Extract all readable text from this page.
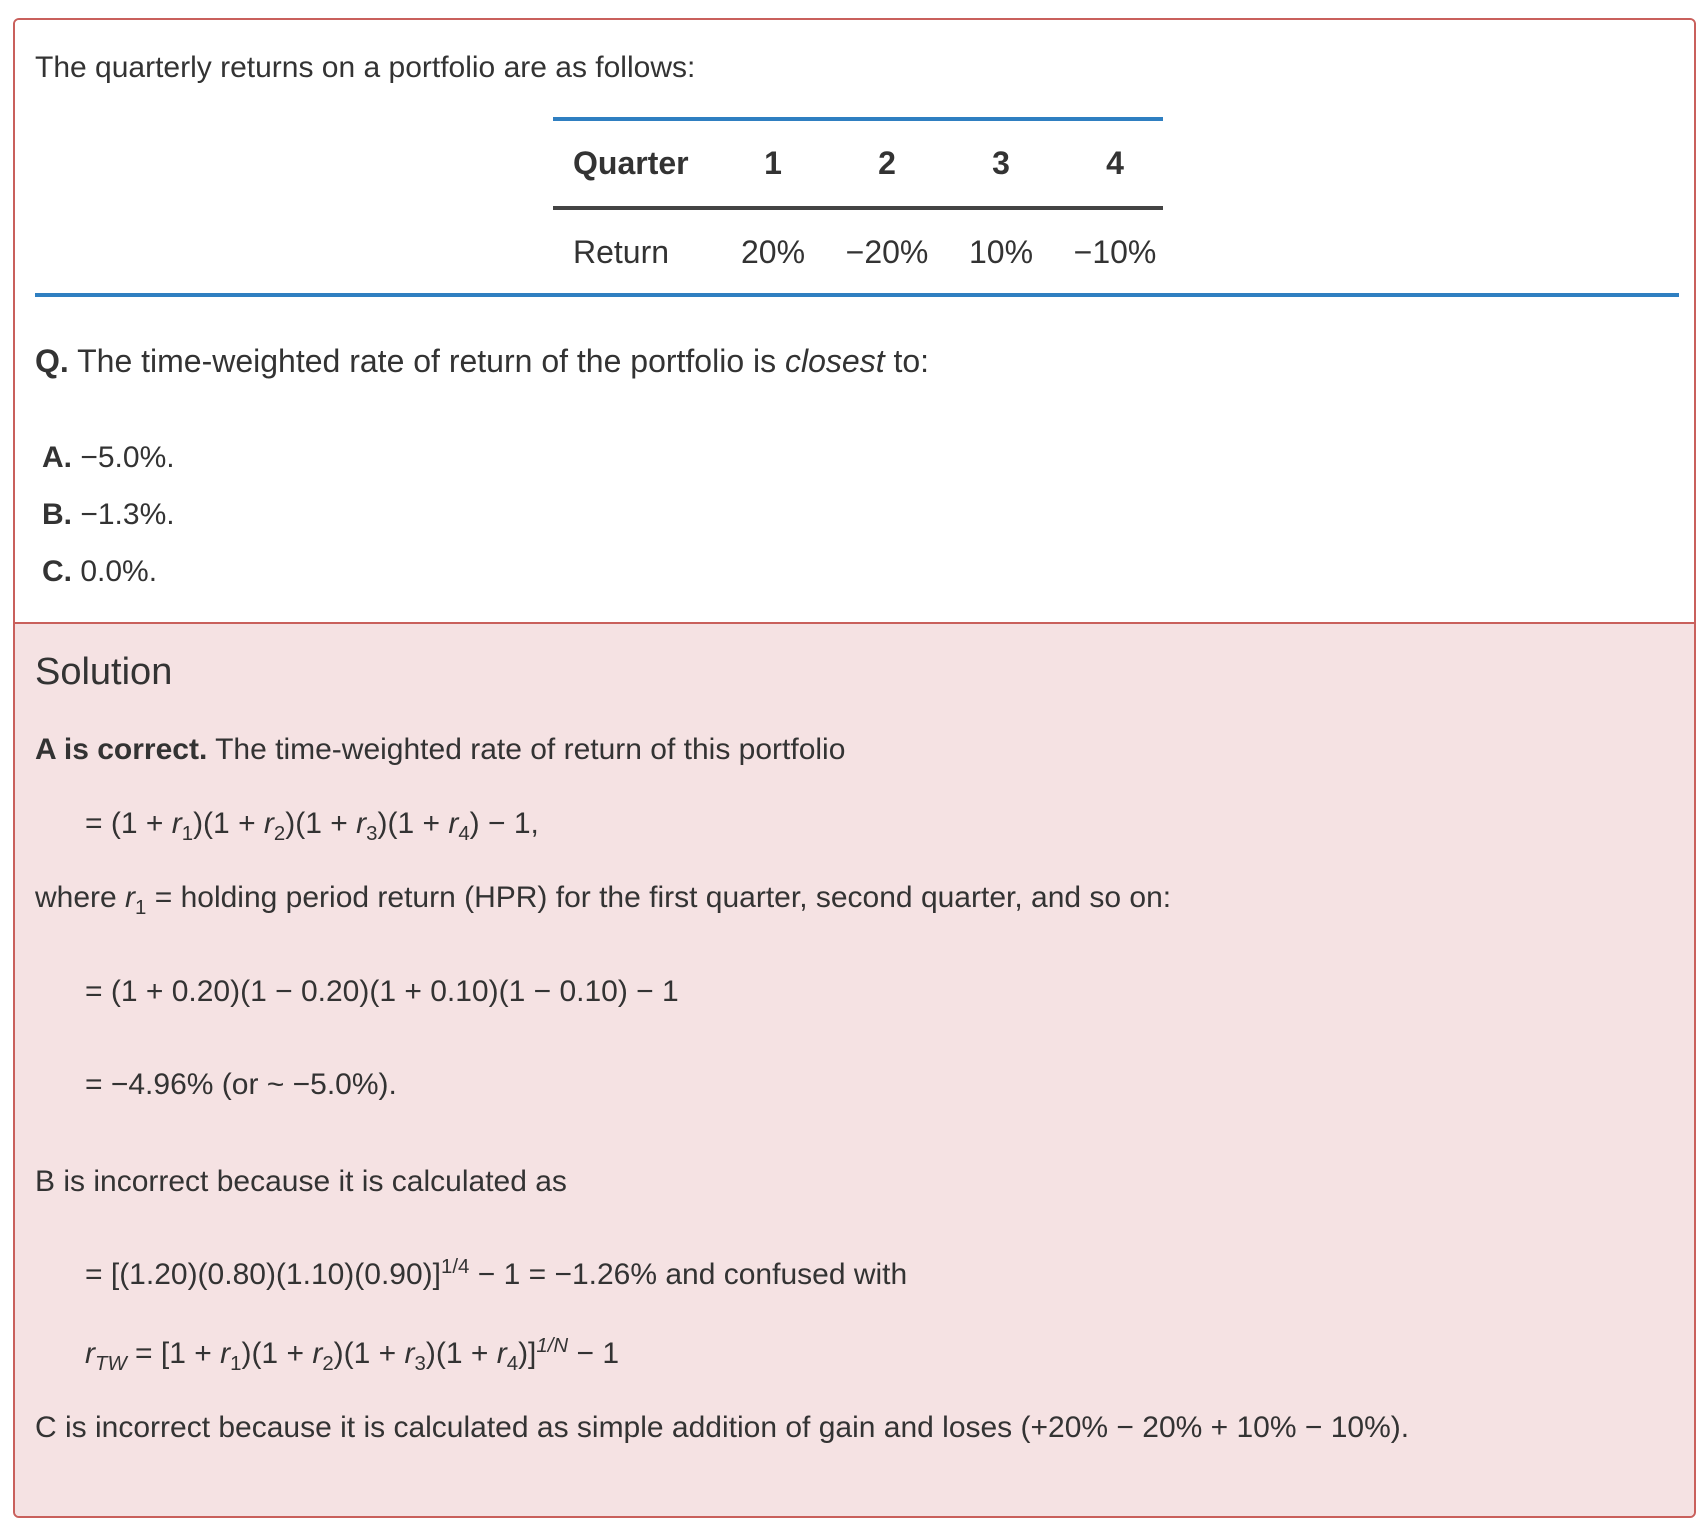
The quarterly returns on a portfolio are as follows:
Quarter	1	2	3	4
Return	20%	−20%	10%	−10%
Q. The time-weighted rate of return of the portfolio is closest to:
A. −5.0%.
B. −1.3%.
C. 0.0%.
Solution
A is correct. The time-weighted rate of return of this portfolio
= $(1 + r_1)(1 + r_2)(1 + r_3)(1 + r_4) - 1$,
where $r_1$ = holding period return (HPR) for the first quarter, second quarter, and so on:
= (1 + 0.20)(1 − 0.20)(1 + 0.10)(1 − 0.10) − 1
= −4.96% (or ~ −5.0%).
B is incorrect because it is calculated as
= $[(1.20)(0.80)(1.10)(0.90)]^{1/4} - 1 = -1.26\%$ and confused with
$r_{TW} = [1 + r_1)(1 + r_2)(1 + r_3)(1 + r_4)]^{1/N} - 1$
C is incorrect because it is calculated as simple addition of gain and loses (+20% − 20% + 10% − 10%).
